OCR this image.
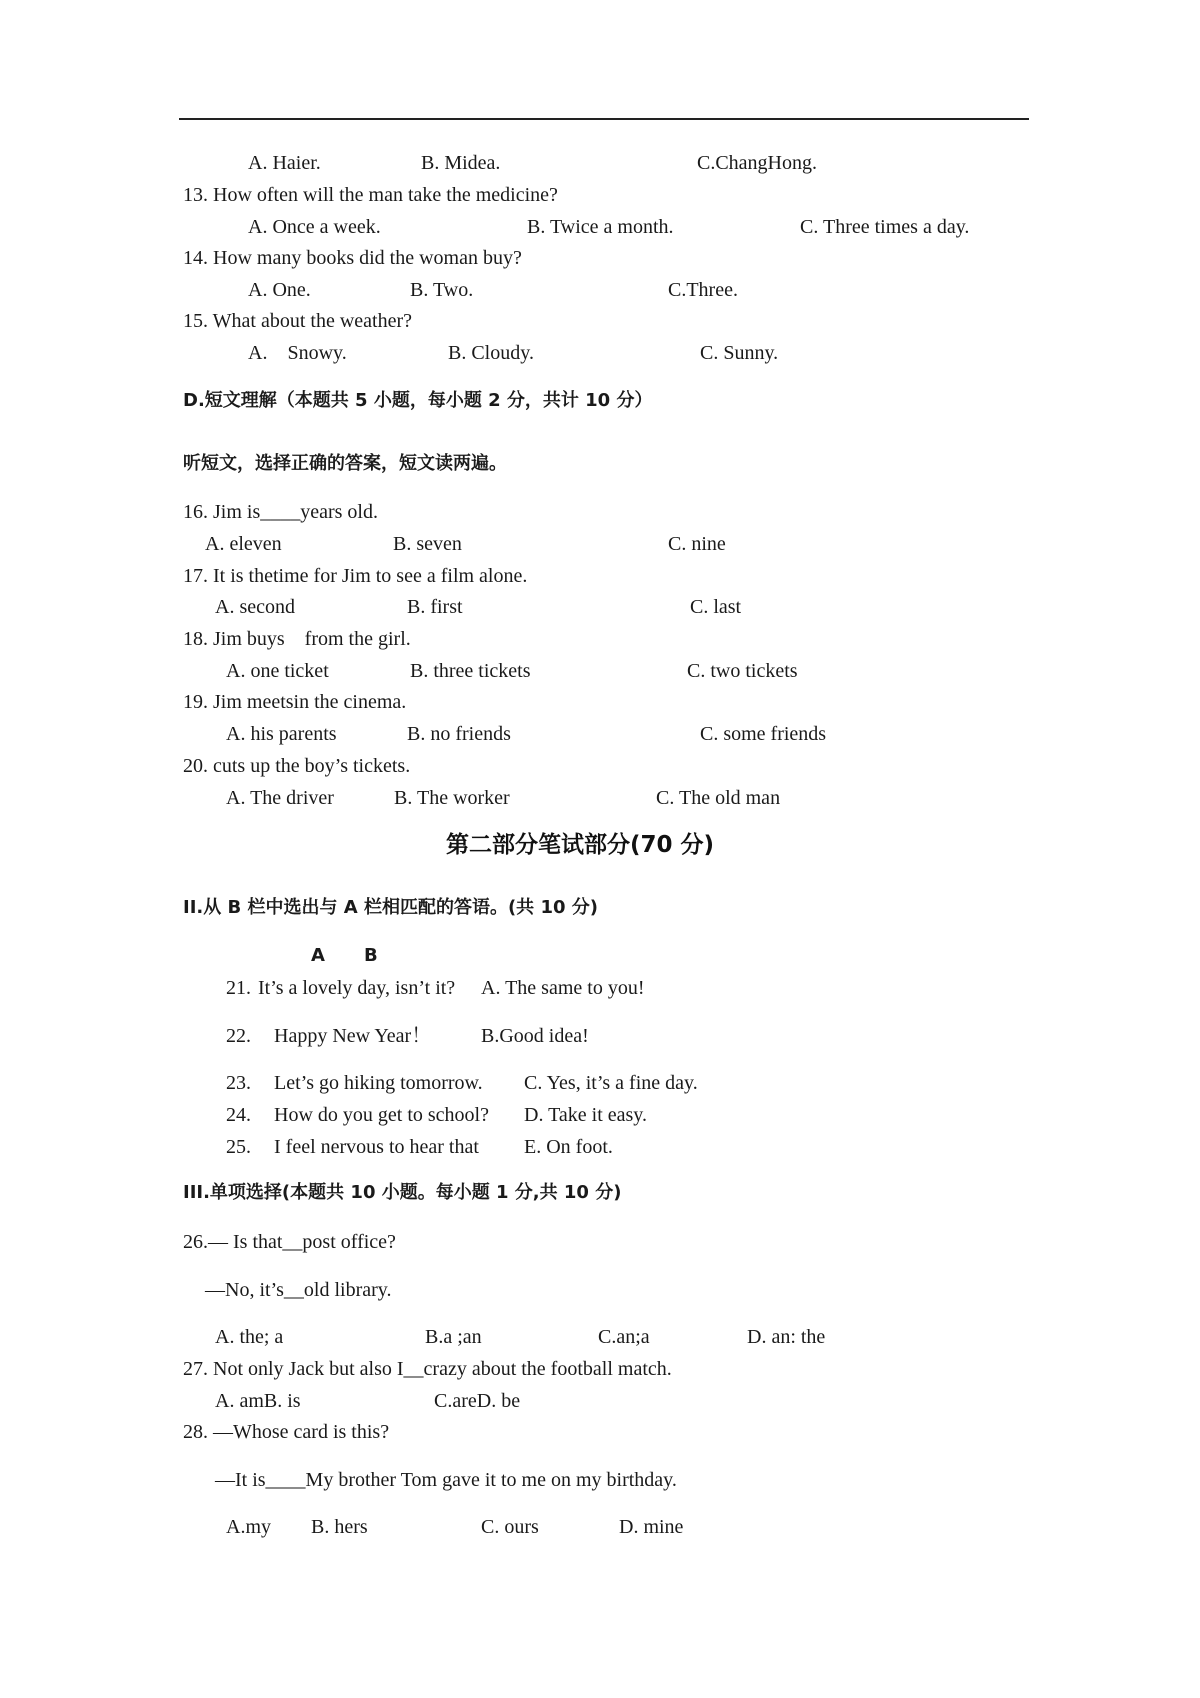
A. Haier.	B. Midea.	C.ChangHong.
13. How often will the man take the medicine?
A. Once a week.	B. Twice a month.	C. Three times a day.
14. How many books did the woman buy?
A. One.	B. Two.	C.Three.
15. What about the weather?
A.    Snowy.	B. Cloudy.	C. Sunny.
D.短文理解（本题共 5 小题，每小题 2 分，共计 10 分）
听短文，选择正确的答案，短文读两遍。
16. Jim is____years old.
A. eleven	B. seven	C. nine
17. It is thetime for Jim to see a film alone.
A. second	B. first	C. last
18. Jim buys    from the girl.
A. one ticket	B. three tickets	C. two tickets
19. Jim meetsin the cinema.
A. his parents	B. no friends	C. some friends
20. cuts up the boy’s tickets.
A. The driver	B. The worker	C. The old man
第二部分笔试部分(70 分)
II.从 B 栏中选出与 A 栏相匹配的答语。(共 10 分)
A B
21. It’s a lovely day, isn’t it? A. The same to you!
22. Happy New Year！ B.Good idea!
23. Let’s go hiking tomorrow. C. Yes, it’s a fine day.
24. How do you get to school? D. Take it easy.
25. I feel nervous to hear that E. On foot.
III.单项选择(本题共 10 小题。每小题 1 分,共 10 分)
26.— Is that__post office?
—No, it’s__old library.
A. the; a	B.a ;an	C.an;a	D. an: the
27. Not only Jack but also I__crazy about the football match.
A. amB. is	C.areD. be
28. —Whose card is this?
—It is____My brother Tom gave it to me on my birthday.
A.my B. hers	C. ours	D. mine
